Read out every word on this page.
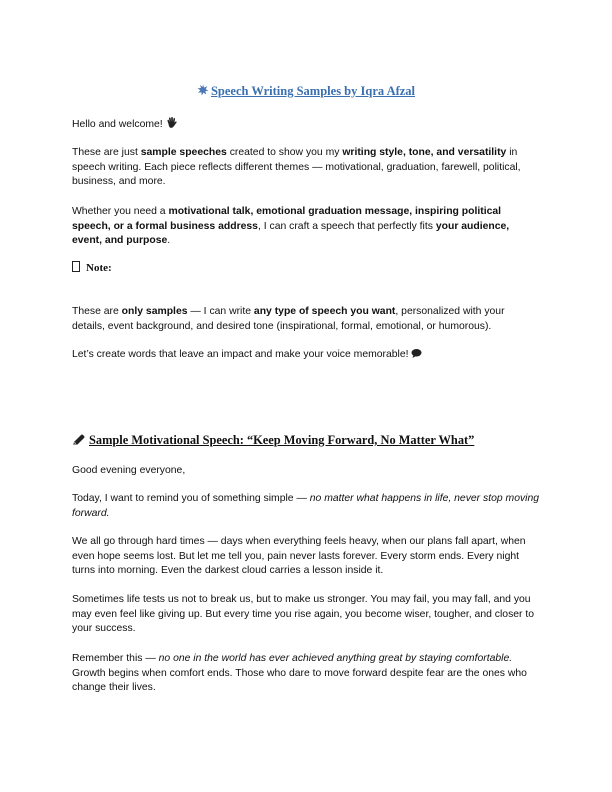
Speech Writing Samples by Iqra Afzal

Hello and welcome!

These are just sample speeches created to show you my writing style, tone, and versatility in speech writing. Each piece reflects different themes — motivational, graduation, farewell, political, business, and more.

Whether you need a motivational talk, emotional graduation message, inspiring political speech, or a formal business address, I can craft a speech that perfectly fits your audience, event, and purpose.

Note:

These are only samples — I can write any type of speech you want, personalized with your details, event background, and desired tone (inspirational, formal, emotional, or humorous).

Let’s create words that leave an impact and make your voice memorable!

Sample Motivational Speech: “Keep Moving Forward, No Matter What”

Good evening everyone,

Today, I want to remind you of something simple — no matter what happens in life, never stop moving forward.

We all go through hard times — days when everything feels heavy, when our plans fall apart, when even hope seems lost. But let me tell you, pain never lasts forever. Every storm ends. Every night turns into morning. Even the darkest cloud carries a lesson inside it.

Sometimes life tests us not to break us, but to make us stronger. You may fail, you may fall, and you may even feel like giving up. But every time you rise again, you become wiser, tougher, and closer to your success.

Remember this — no one in the world has ever achieved anything great by staying comfortable. Growth begins when comfort ends. Those who dare to move forward despite fear are the ones who change their lives.
